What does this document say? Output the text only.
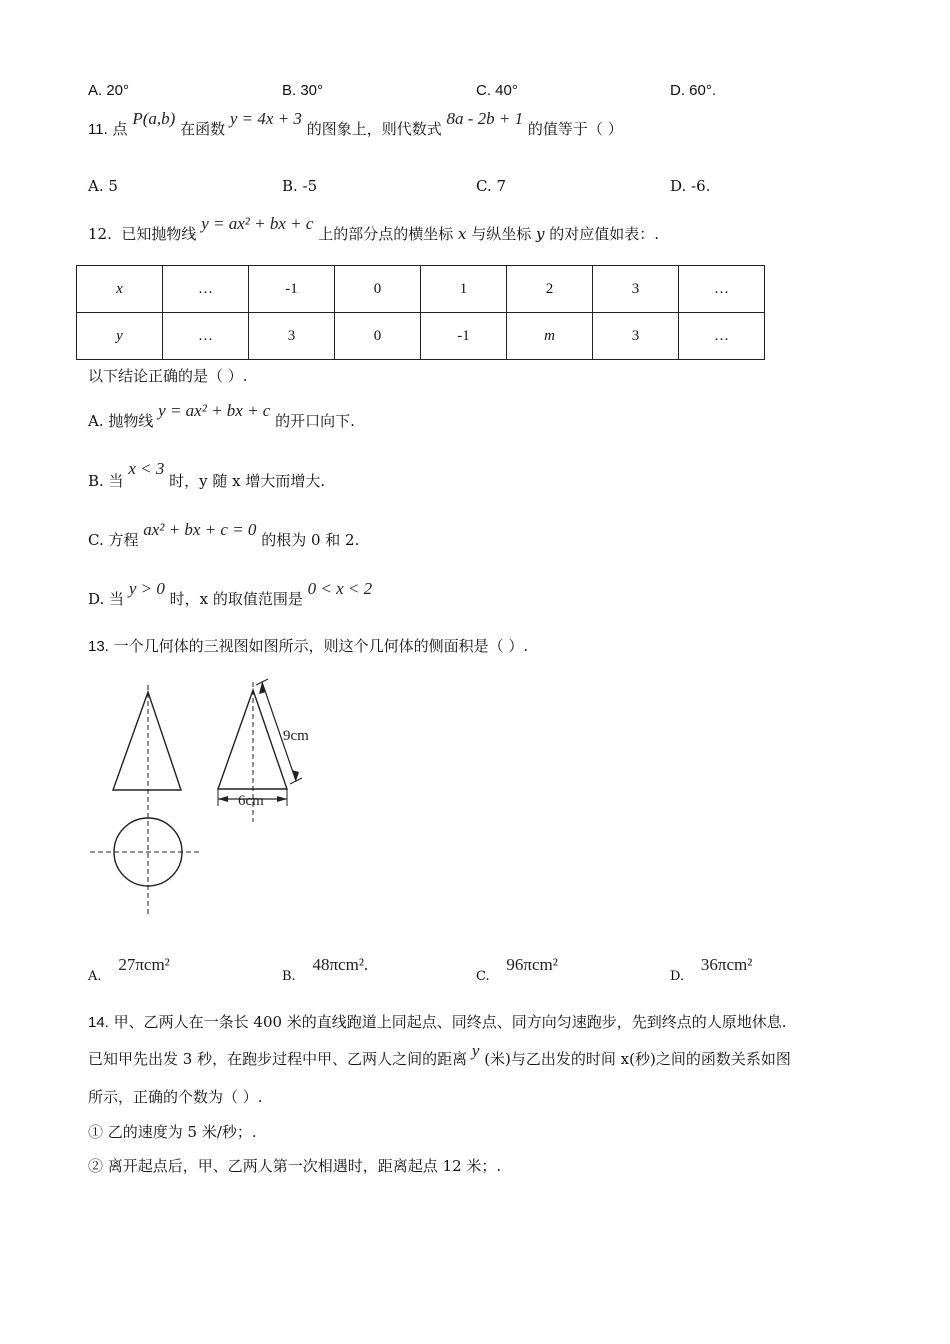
A. 20°	B. 30°	C. 40°	D. 60°.
11. 点 P(a,b) 在函数 y = 4x + 3 的图象上，则代数式 8a - 2b + 1 的值等于（ ）
A. 5	B. -5	C. 7	D. -6.
12. 已知抛物线 y = ax² + bx + c 上的部分点的横坐标 x 与纵坐标 y 的对应值如表：.
x	…	-1	0	1	2	3	…
y	…	3	0	-1	m	3	…
以下结论正确的是（ ）.
A. 抛物线 y = ax² + bx + c 的开口向下.
B. 当 x < 3 时，y 随 x 增大而增大.
C. 方程 ax² + bx + c = 0 的根为 0 和 2.
D. 当 y > 0 时，x 的取值范围是 0 < x < 2
13. 一个几何体的三视图如图所示，则这个几何体的侧面积是（ ）.
9cm
6cm
A. 27πcm²
B. 48πcm².
C. 96πcm²
D. 36πcm²
14. 甲、乙两人在一条长 400 米的直线跑道上同起点、同终点、同方向匀速跑步，先到终点的人原地休息.
已知甲先出发 3 秒，在跑步过程中甲、乙两人之间的距离 y (米)与乙出发的时间 x(秒)之间的函数关系如图
所示，正确的个数为（ ）.
① 乙的速度为 5 米/秒；.
② 离开起点后，甲、乙两人第一次相遇时，距离起点 12 米；.
